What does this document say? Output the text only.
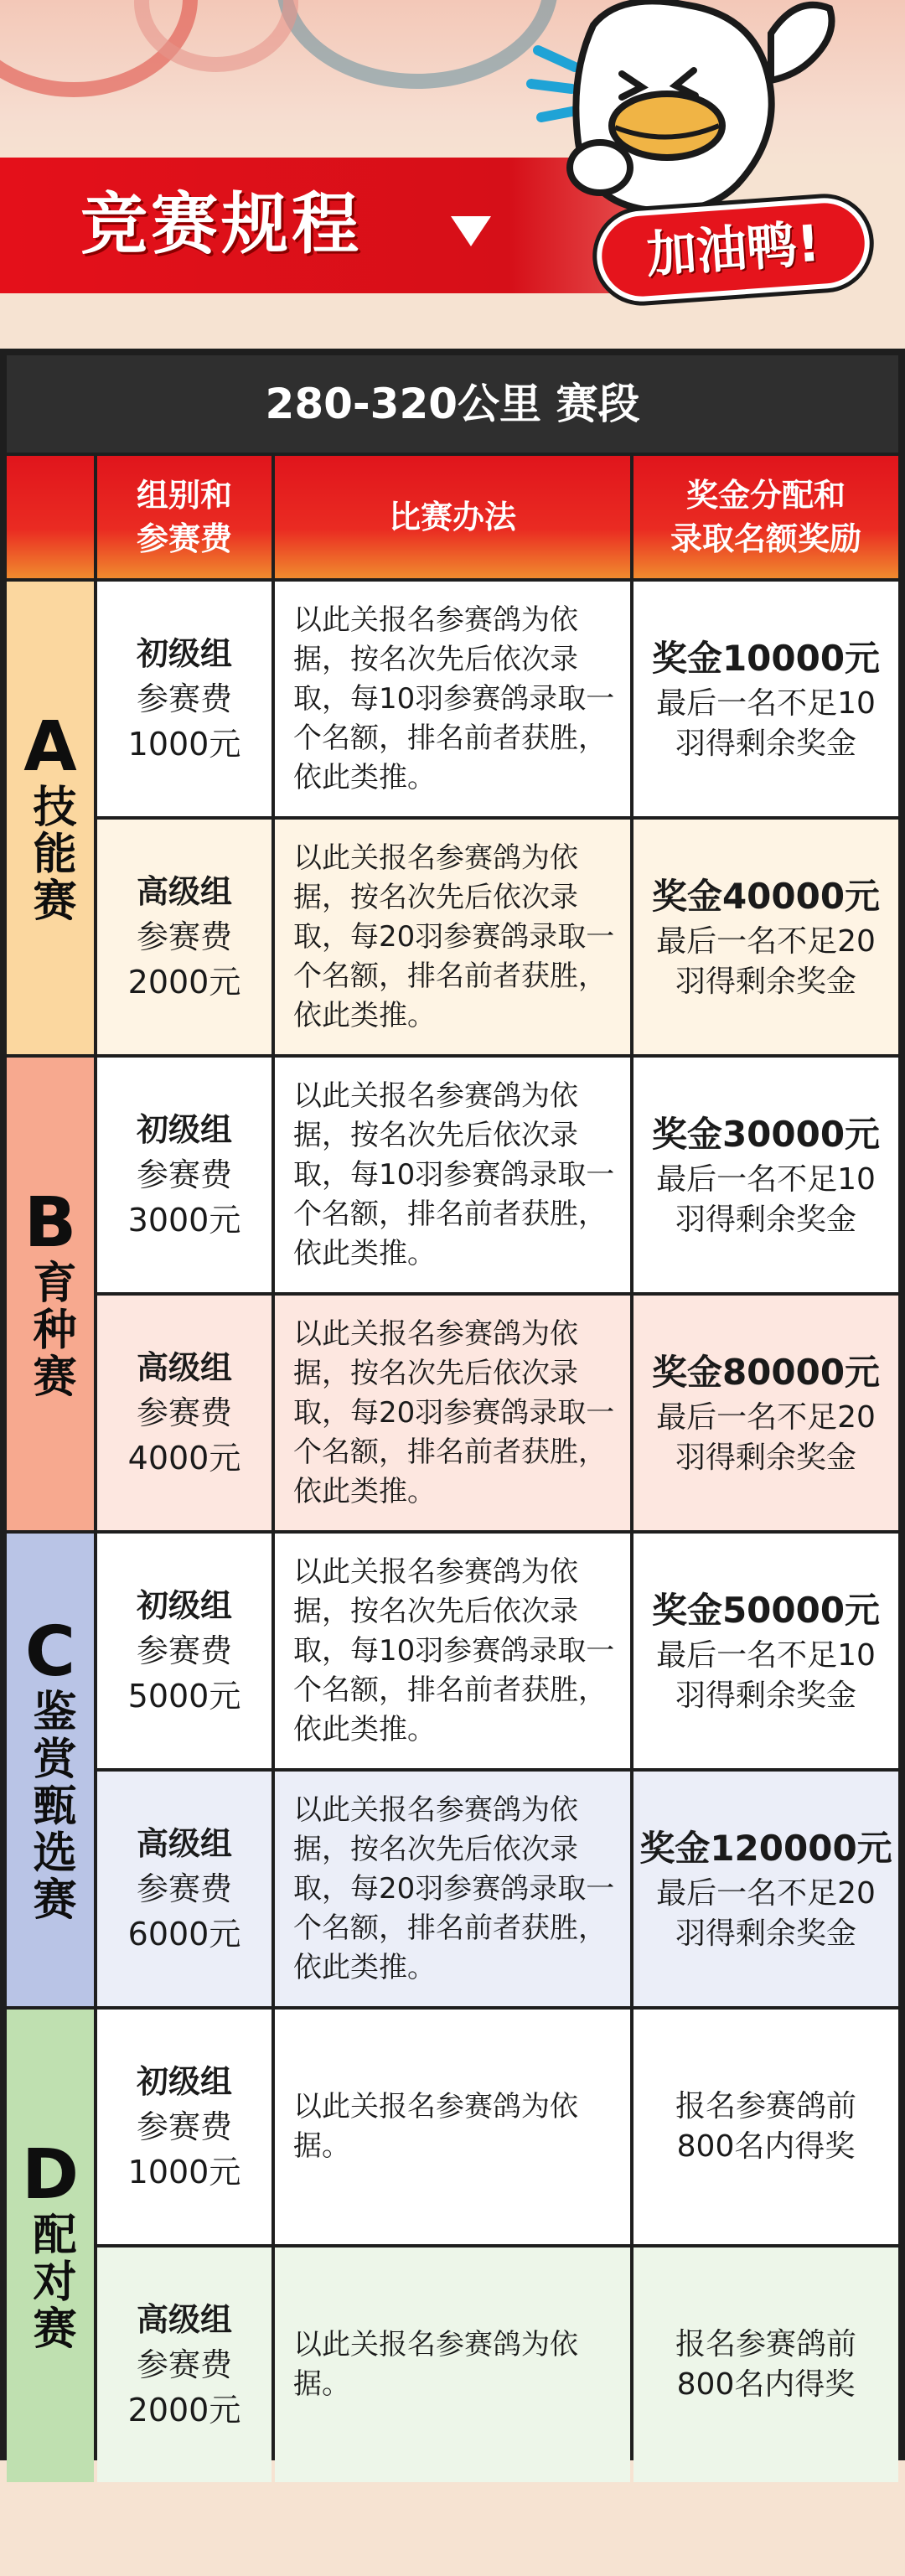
竞赛规程	加油鸭!
280-320公里 赛段
组别和
参赛费
比赛办法
奖金分配和
录取名额奖励
初级组
参赛费
1000元
以此关报名参赛鸽为依据，按名次先后依次录取，每10羽参赛鸽录取一个名额，排名前者获胜，依此类推。
奖金10000元
最后一名不足10羽得剩余奖金
高级组
参赛费
2000元
以此关报名参赛鸽为依据，按名次先后依次录取，每20羽参赛鸽录取一个名额，排名前者获胜，依此类推。
奖金40000元
最后一名不足20羽得剩余奖金
A
技能赛
初级组
参赛费
3000元
以此关报名参赛鸽为依据，按名次先后依次录取，每10羽参赛鸽录取一个名额，排名前者获胜，依此类推。
奖金30000元
最后一名不足10羽得剩余奖金
高级组
参赛费
4000元
以此关报名参赛鸽为依据，按名次先后依次录取，每20羽参赛鸽录取一个名额，排名前者获胜，依此类推。
奖金80000元
最后一名不足20羽得剩余奖金
B
育种赛
初级组
参赛费
5000元
以此关报名参赛鸽为依据，按名次先后依次录取，每10羽参赛鸽录取一个名额，排名前者获胜，依此类推。
奖金50000元
最后一名不足10羽得剩余奖金
高级组
参赛费
6000元
以此关报名参赛鸽为依据，按名次先后依次录取，每20羽参赛鸽录取一个名额，排名前者获胜，依此类推。
奖金120000元
最后一名不足20羽得剩余奖金
C
鉴赏甄选赛
初级组
参赛费
1000元
以此关报名参赛鸽为依据。
报名参赛鸽前800名内得奖
高级组
参赛费
2000元
以此关报名参赛鸽为依据。
报名参赛鸽前800名内得奖
D
配对赛
